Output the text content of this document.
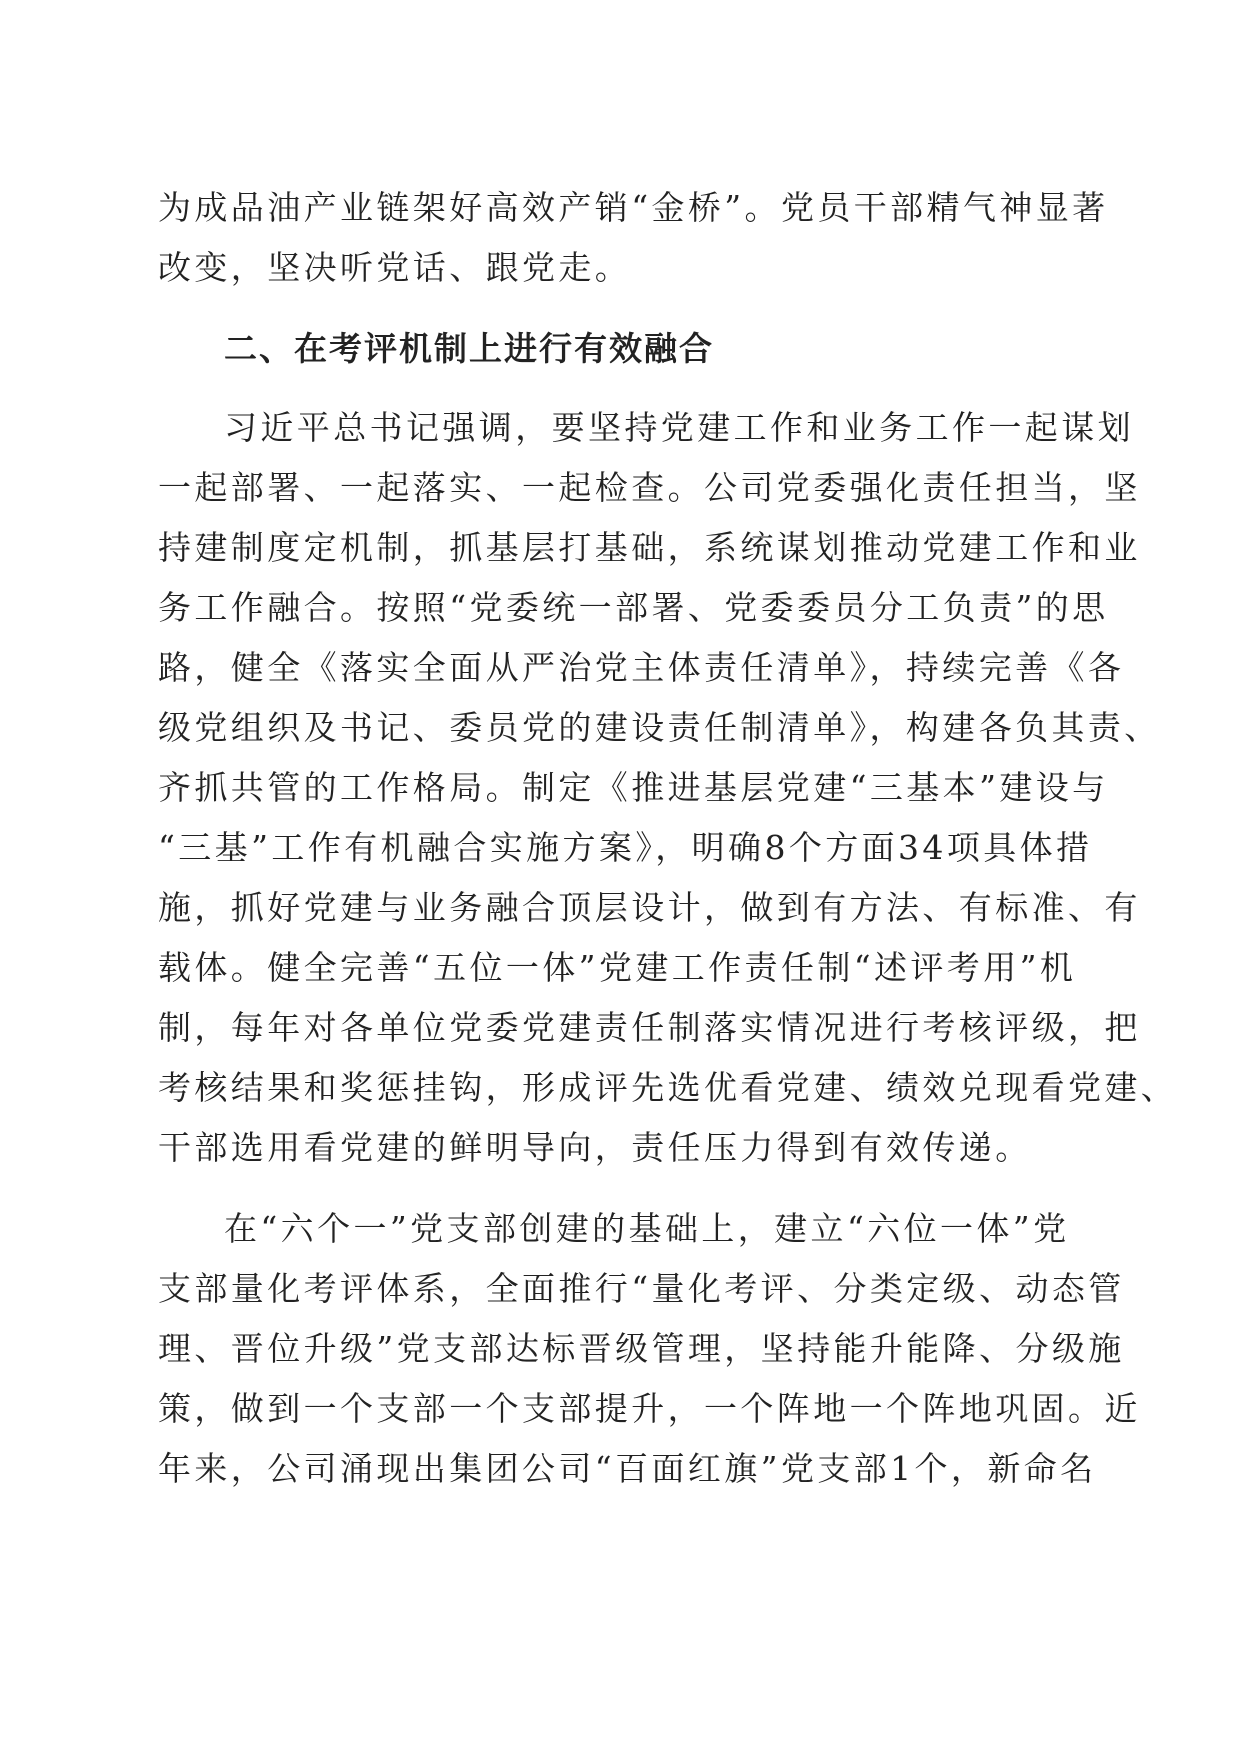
为成品油产业链架好高效产销“金桥”。党员干部精气神显著
改变，坚决听党话、跟党走。
二、在考评机制上进行有效融合
习近平总书记强调，要坚持党建工作和业务工作一起谋划
一起部署、一起落实、一起检查。公司党委强化责任担当，坚
持建制度定机制，抓基层打基础，系统谋划推动党建工作和业
务工作融合。按照“党委统一部署、党委委员分工负责”的思
路，健全《落实全面从严治党主体责任清单》，持续完善《各
级党组织及书记、委员党的建设责任制清单》，构建各负其责、
齐抓共管的工作格局。制定《推进基层党建“三基本”建设与
“三基”工作有机融合实施方案》，明确8个方面34项具体措
施，抓好党建与业务融合顶层设计，做到有方法、有标准、有
载体。健全完善“五位一体”党建工作责任制“述评考用”机
制，每年对各单位党委党建责任制落实情况进行考核评级，把
考核结果和奖惩挂钩，形成评先选优看党建、绩效兑现看党建、
干部选用看党建的鲜明导向，责任压力得到有效传递。
在“六个一”党支部创建的基础上，建立“六位一体”党
支部量化考评体系，全面推行“量化考评、分类定级、动态管
理、晋位升级”党支部达标晋级管理，坚持能升能降、分级施
策，做到一个支部一个支部提升，一个阵地一个阵地巩固。近
年来，公司涌现出集团公司“百面红旗”党支部1个，新命名
